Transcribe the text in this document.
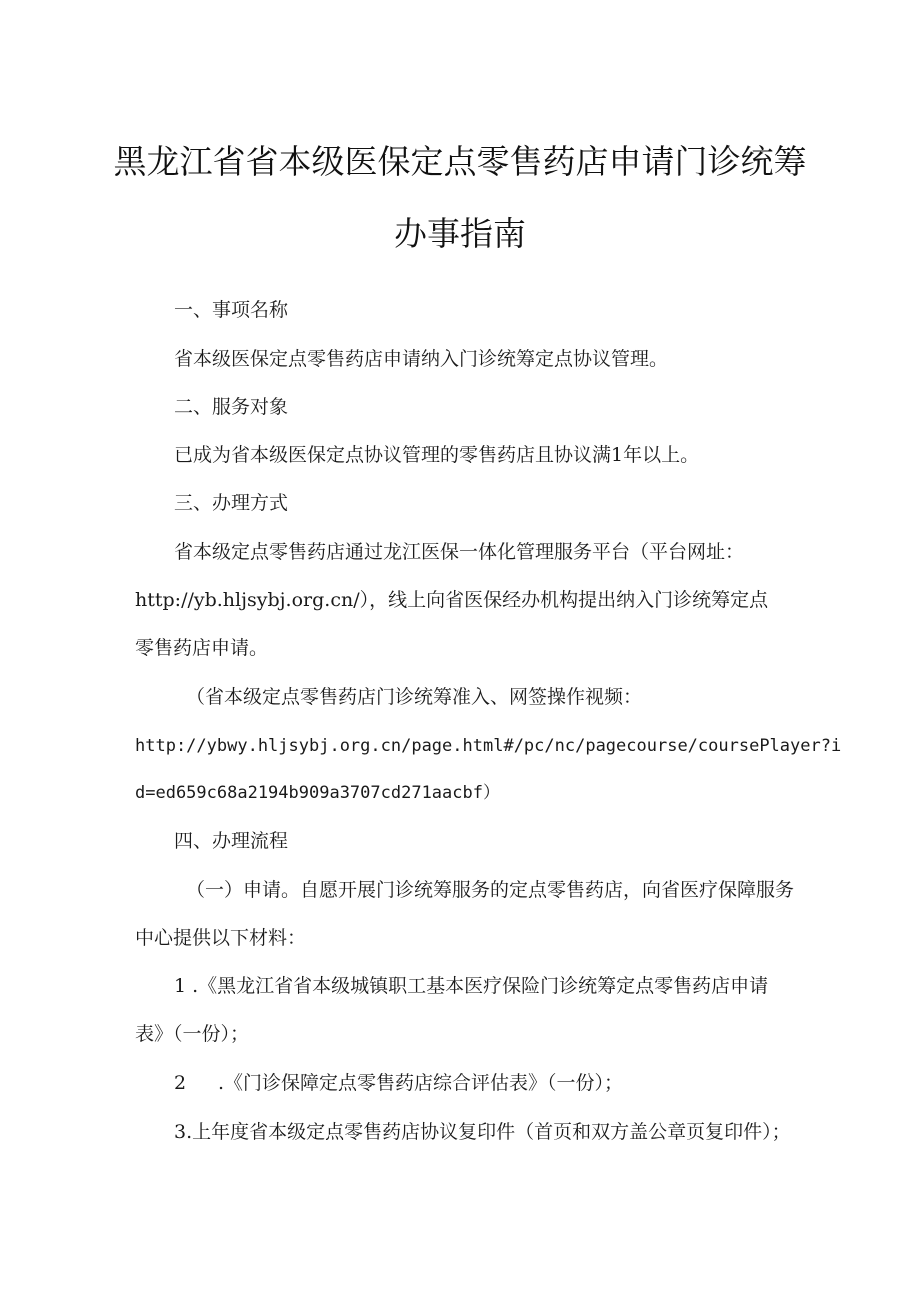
黑龙江省省本级医保定点零售药店申请门诊统筹
办事指南
一、事项名称
省本级医保定点零售药店申请纳入门诊统筹定点协议管理。
二、服务对象
已成为省本级医保定点协议管理的零售药店且协议满1年以上。
三、办理方式
省本级定点零售药店通过龙江医保一体化管理服务平台（平台网址：
http://yb.hljsybj.org.cn/），线上向省医保经办机构提出纳入门诊统筹定点
零售药店申请。
（省本级定点零售药店门诊统筹准入、网签操作视频：
http://ybwy.hljsybj.org.cn/page.html#/pc/nc/pagecourse/coursePlayer?i
d=ed659c68a2194b909a3707cd271aacbf）
四、办理流程
（一）申请。自愿开展门诊统筹服务的定点零售药店，向省医疗保障服务
中心提供以下材料：
1 .《黑龙江省省本级城镇职工基本医疗保险门诊统筹定点零售药店申请
表》（一份）；
2 .《门诊保障定点零售药店综合评估表》（一份）；
3.上年度省本级定点零售药店协议复印件（首页和双方盖公章页复印件）；
